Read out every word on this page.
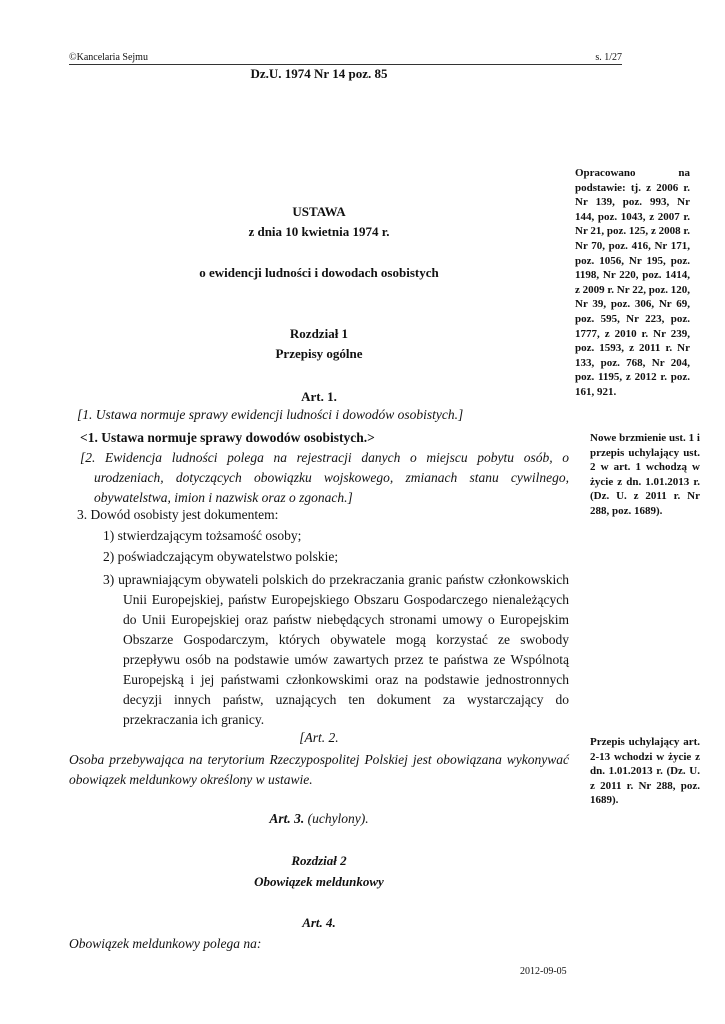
©Kancelaria Sejmu	s. 1/27
Dz.U. 1974 Nr 14 poz. 85
USTAWA
z dnia 10 kwietnia 1974 r.
o ewidencji ludności i dowodach osobistych
Rozdział 1
Przepisy ogólne
Art. 1.
[1. Ustawa normuje sprawy ewidencji ludności i dowodów osobistych.]
<1. Ustawa normuje sprawy dowodów osobistych.>
[2. Ewidencja ludności polega na rejestracji danych o miejscu pobytu osób, o urodzeniach, dotyczących obowiązku wojskowego, zmianach stanu cywilnego, obywatelstwa, imion i nazwisk oraz o zgonach.]
3. Dowód osobisty jest dokumentem:
1) stwierdzającym tożsamość osoby;
2) poświadczającym obywatelstwo polskie;
3) uprawniającym obywateli polskich do przekraczania granic państw członkowskich Unii Europejskiej, państw Europejskiego Obszaru Gospodarczego nienależących do Unii Europejskiej oraz państw niebędących stronami umowy o Europejskim Obszarze Gospodarczym, których obywatele mogą korzystać ze swobody przepływu osób na podstawie umów zawartych przez te państwa ze Wspólnotą Europejską i jej państwami członkowskimi oraz na podstawie jednostronnych decyzji innych państw, uznających ten dokument za wystarczający do przekraczania ich granicy.
[Art. 2.
Osoba przebywająca na terytorium Rzeczypospolitej Polskiej jest obowiązana wykonywać obowiązek meldunkowy określony w ustawie.
Art. 3. (uchylony).
Rozdział 2
Obowiązek meldunkowy
Art. 4.
Obowiązek meldunkowy polega na:
Opracowano na podstawie: tj. z 2006 r. Nr 139, poz. 993, Nr 144, poz. 1043, z 2007 r. Nr 21, poz. 125, z 2008 r. Nr 70, poz. 416, Nr 171, poz. 1056, Nr 195, poz. 1198, Nr 220, poz. 1414, z 2009 r. Nr 22, poz. 120, Nr 39, poz. 306, Nr 69, poz. 595, Nr 223, poz. 1777, z 2010 r. Nr 239, poz. 1593, z 2011 r. Nr 133, poz. 768, Nr 204, poz. 1195, z 2012 r. poz. 161, 921.
Nowe brzmienie ust. 1 i przepis uchylający ust. 2 w art. 1 wchodzą w życie z dn. 1.01.2013 r. (Dz. U. z 2011 r. Nr 288, poz. 1689).
Przepis uchylający art. 2-13 wchodzi w życie z dn. 1.01.2013 r. (Dz. U. z 2011 r. Nr 288, poz. 1689).
2012-09-05
